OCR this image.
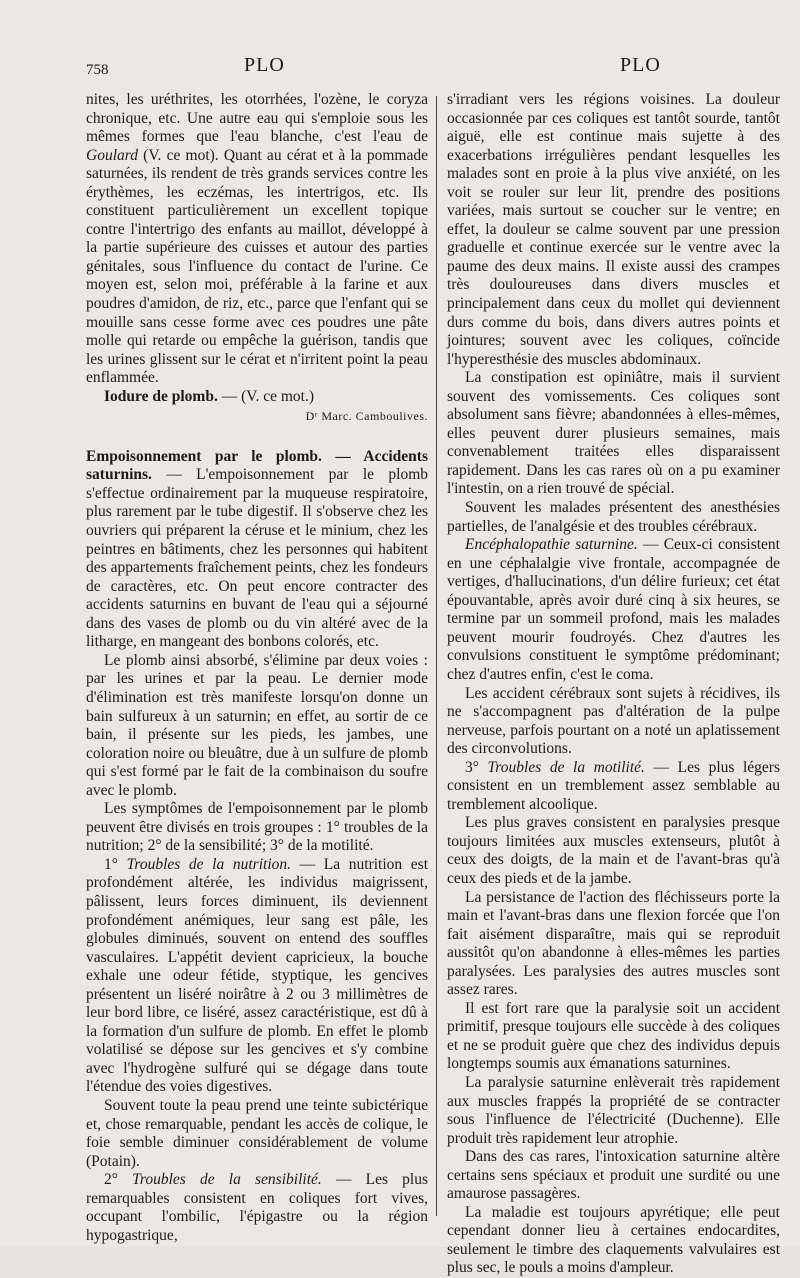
758	PLO	PLO

nites, les uréthrites, les otorrhées, l'ozène, le coryza chronique, etc. Une autre eau qui s'emploie sous les mêmes formes que l'eau blanche, c'est l'eau de Goulard (V. ce mot). Quant au cérat et à la pommade saturnées, ils rendent de très grands services contre les érythèmes, les eczémas, les intertrigos, etc. Ils constituent particulièrement un excellent topique contre l'intertrigo des enfants au maillot, développé à la partie supérieure des cuisses et autour des parties génitales, sous l'influence du contact de l'urine. Ce moyen est, selon moi, préférable à la farine et aux poudres d'amidon, de riz, etc., parce que l'enfant qui se mouille sans cesse forme avec ces poudres une pâte molle qui retarde ou empêche la guérison, tandis que les urines glissent sur le cérat et n'irritent point la peau enflammée.

Iodure de plomb. — (V. ce mot.)

Dʳ Marc. Camboulives.

Empoisonnement par le plomb. — Accidents saturnins. — L'empoisonnement par le plomb s'effectue ordinairement par la muqueuse respiratoire, plus rarement par le tube digestif. Il s'observe chez les ouvriers qui préparent la céruse et le minium, chez les peintres en bâtiments, chez les personnes qui habitent des appartements fraîchement peints, chez les fondeurs de caractères, etc. On peut encore contracter des accidents saturnins en buvant de l'eau qui a séjourné dans des vases de plomb ou du vin altéré avec de la litharge, en mangeant des bonbons colorés, etc.

Le plomb ainsi absorbé, s'élimine par deux voies : par les urines et par la peau. Le dernier mode d'élimination est très manifeste lorsqu'on donne un bain sulfureux à un saturnin; en effet, au sortir de ce bain, il présente sur les pieds, les jambes, une coloration noire ou bleuâtre, due à un sulfure de plomb qui s'est formé par le fait de la combinaison du soufre avec le plomb.

Les symptômes de l'empoisonnement par le plomb peuvent être divisés en trois groupes : 1° troubles de la nutrition; 2° de la sensibilité; 3° de la motilité.

1° Troubles de la nutrition. — La nutrition est profondément altérée, les individus maigrissent, pâlissent, leurs forces diminuent, ils deviennent profondément anémiques, leur sang est pâle, les globules diminués, souvent on entend des souffles vasculaires. L'appétit devient capricieux, la bouche exhale une odeur fétide, styptique, les gencives présentent un liséré noirâtre à 2 ou 3 millimètres de leur bord libre, ce liséré, assez caractéristique, est dû à la formation d'un sulfure de plomb. En effet le plomb volatilisé se dépose sur les gencives et s'y combine avec l'hydrogène sulfuré qui se dégage dans toute l'étendue des voies digestives.

Souvent toute la peau prend une teinte subictérique et, chose remarquable, pendant les accès de colique, le foie semble diminuer considérablement de volume (Potain).

2° Troubles de la sensibilité. — Les plus remarquables consistent en coliques fort vives, occupant l'ombilic, l'épigastre ou la région hypogastrique,

s'irradiant vers les régions voisines. La douleur occasionnée par ces coliques est tantôt sourde, tantôt aiguë, elle est continue mais sujette à des exacerbations irrégulières pendant lesquelles les malades sont en proie à la plus vive anxiété, on les voit se rouler sur leur lit, prendre des positions variées, mais surtout se coucher sur le ventre; en effet, la douleur se calme souvent par une pression graduelle et continue exercée sur le ventre avec la paume des deux mains. Il existe aussi des crampes très douloureuses dans divers muscles et principalement dans ceux du mollet qui deviennent durs comme du bois, dans divers autres points et jointures; souvent avec les coliques, coïncide l'hyperesthésie des muscles abdominaux.

La constipation est opiniâtre, mais il survient souvent des vomissements. Ces coliques sont absolument sans fièvre; abandonnées à elles-mêmes, elles peuvent durer plusieurs semaines, mais convenablement traitées elles disparaissent rapidement. Dans les cas rares où on a pu examiner l'intestin, on a rien trouvé de spécial.

Souvent les malades présentent des anesthésies partielles, de l'analgésie et des troubles cérébraux.

Encéphalopathie saturnine. — Ceux-ci consistent en une céphalalgie vive frontale, accompagnée de vertiges, d'hallucinations, d'un délire furieux; cet état épouvantable, après avoir duré cinq à six heures, se termine par un sommeil profond, mais les malades peuvent mourir foudroyés. Chez d'autres les convulsions constituent le symptôme prédominant; chez d'autres enfin, c'est le coma.

Les accident cérébraux sont sujets à récidives, ils ne s'accompagnent pas d'altération de la pulpe nerveuse, parfois pourtant on a noté un aplatissement des circonvolutions.

3° Troubles de la motilité. — Les plus légers consistent en un tremblement assez semblable au tremblement alcoolique.

Les plus graves consistent en paralysies presque toujours limitées aux muscles extenseurs, plutôt à ceux des doigts, de la main et de l'avant-bras qu'à ceux des pieds et de la jambe.

La persistance de l'action des fléchisseurs porte la main et l'avant-bras dans une flexion forcée que l'on fait aisément disparaître, mais qui se reproduit aussitôt qu'on abandonne à elles-mêmes les parties paralysées. Les paralysies des autres muscles sont assez rares.

Il est fort rare que la paralysie soit un accident primitif, presque toujours elle succède à des coliques et ne se produit guère que chez des individus depuis longtemps soumis aux émanations saturnines.

La paralysie saturnine enlèverait très rapidement aux muscles frappés la propriété de se contracter sous l'influence de l'électricité (Duchenne). Elle produit très rapidement leur atrophie.

Dans des cas rares, l'intoxication saturnine altère certains sens spéciaux et produit une surdité ou une amaurose passagères.

La maladie est toujours apyrétique; elle peut cependant donner lieu à certaines endocardites, seulement le timbre des claquements valvulaires est plus sec, le pouls a moins d'ampleur.
